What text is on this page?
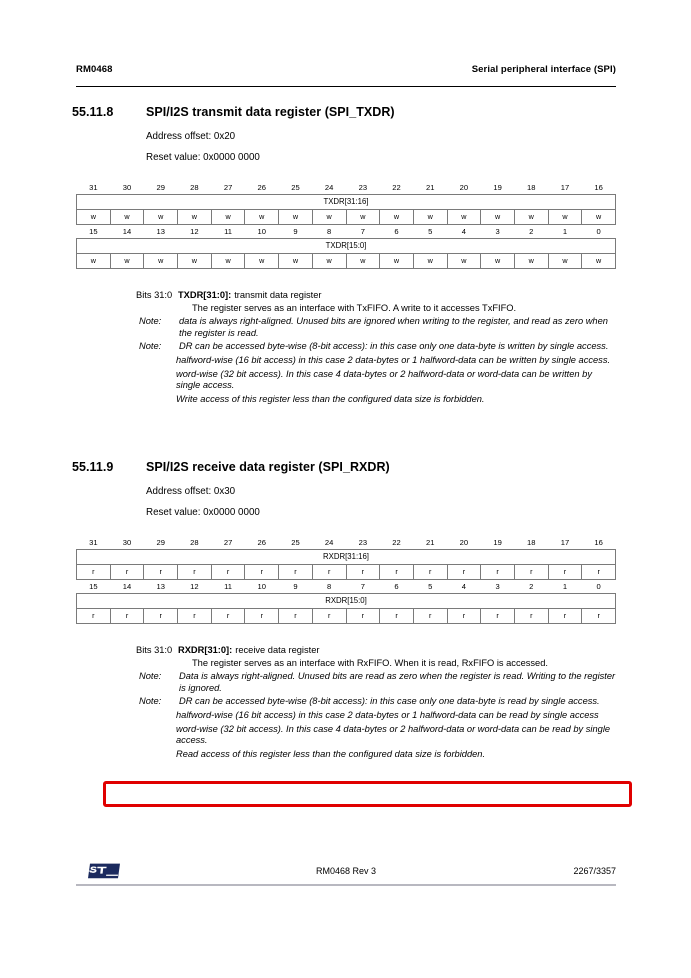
RM0468	Serial peripheral interface (SPI)
55.11.8	SPI/I2S transmit data register (SPI_TXDR)
Address offset: 0x20
Reset value: 0x0000 0000
31	30	29	28	27	26	25	24	23	22	21	20	19	18	17	16
TXDR[31:16]															
w	w	w	w	w	w	w	w	w	w	w	w	w	w	w	w
15	14	13	12	11	10	9	8	7	6	5	4	3	2	1	0
TXDR[15:0]															
w	w	w	w	w	w	w	w	w	w	w	w	w	w	w	w
Bits 31:0 TXDR[31:0]: transmit data register
The register serves as an interface with TxFIFO. A write to it accesses TxFIFO.
Note:	data is always right-aligned. Unused bits are ignored when writing to the register, and read as zero when the register is read.
Note:	DR can be accessed byte-wise (8-bit access): in this case only one data-byte is written by single access.
halfword-wise (16 bit access) in this case 2 data-bytes or 1 halfword-data can be written by single access.
word-wise (32 bit access). In this case 4 data-bytes or 2 halfword-data or word-data can be written by single access.
Write access of this register less than the configured data size is forbidden.
55.11.9	SPI/I2S receive data register (SPI_RXDR)
Address offset: 0x30
Reset value: 0x0000 0000
31	30	29	28	27	26	25	24	23	22	21	20	19	18	17	16
RXDR[31:16]															
r	r	r	r	r	r	r	r	r	r	r	r	r	r	r	r
15	14	13	12	11	10	9	8	7	6	5	4	3	2	1	0
RXDR[15:0]															
r	r	r	r	r	r	r	r	r	r	r	r	r	r	r	r
Bits 31:0 RXDR[31:0]: receive data register
The register serves as an interface with RxFIFO. When it is read, RxFIFO is accessed.
Note:	Data is always right-aligned. Unused bits are read as zero when the register is read. Writing to the register is ignored.
Note:	DR can be accessed byte-wise (8-bit access): in this case only one data-byte is read by single access.
halfword-wise (16 bit access) in this case 2 data-bytes or 1 halfword-data can be read by single access
word-wise (32 bit access). In this case 4 data-bytes or 2 halfword-data or word-data can be read by single access.
Read access of this register less than the configured data size is forbidden.
RM0468 Rev 3	2267/3357
